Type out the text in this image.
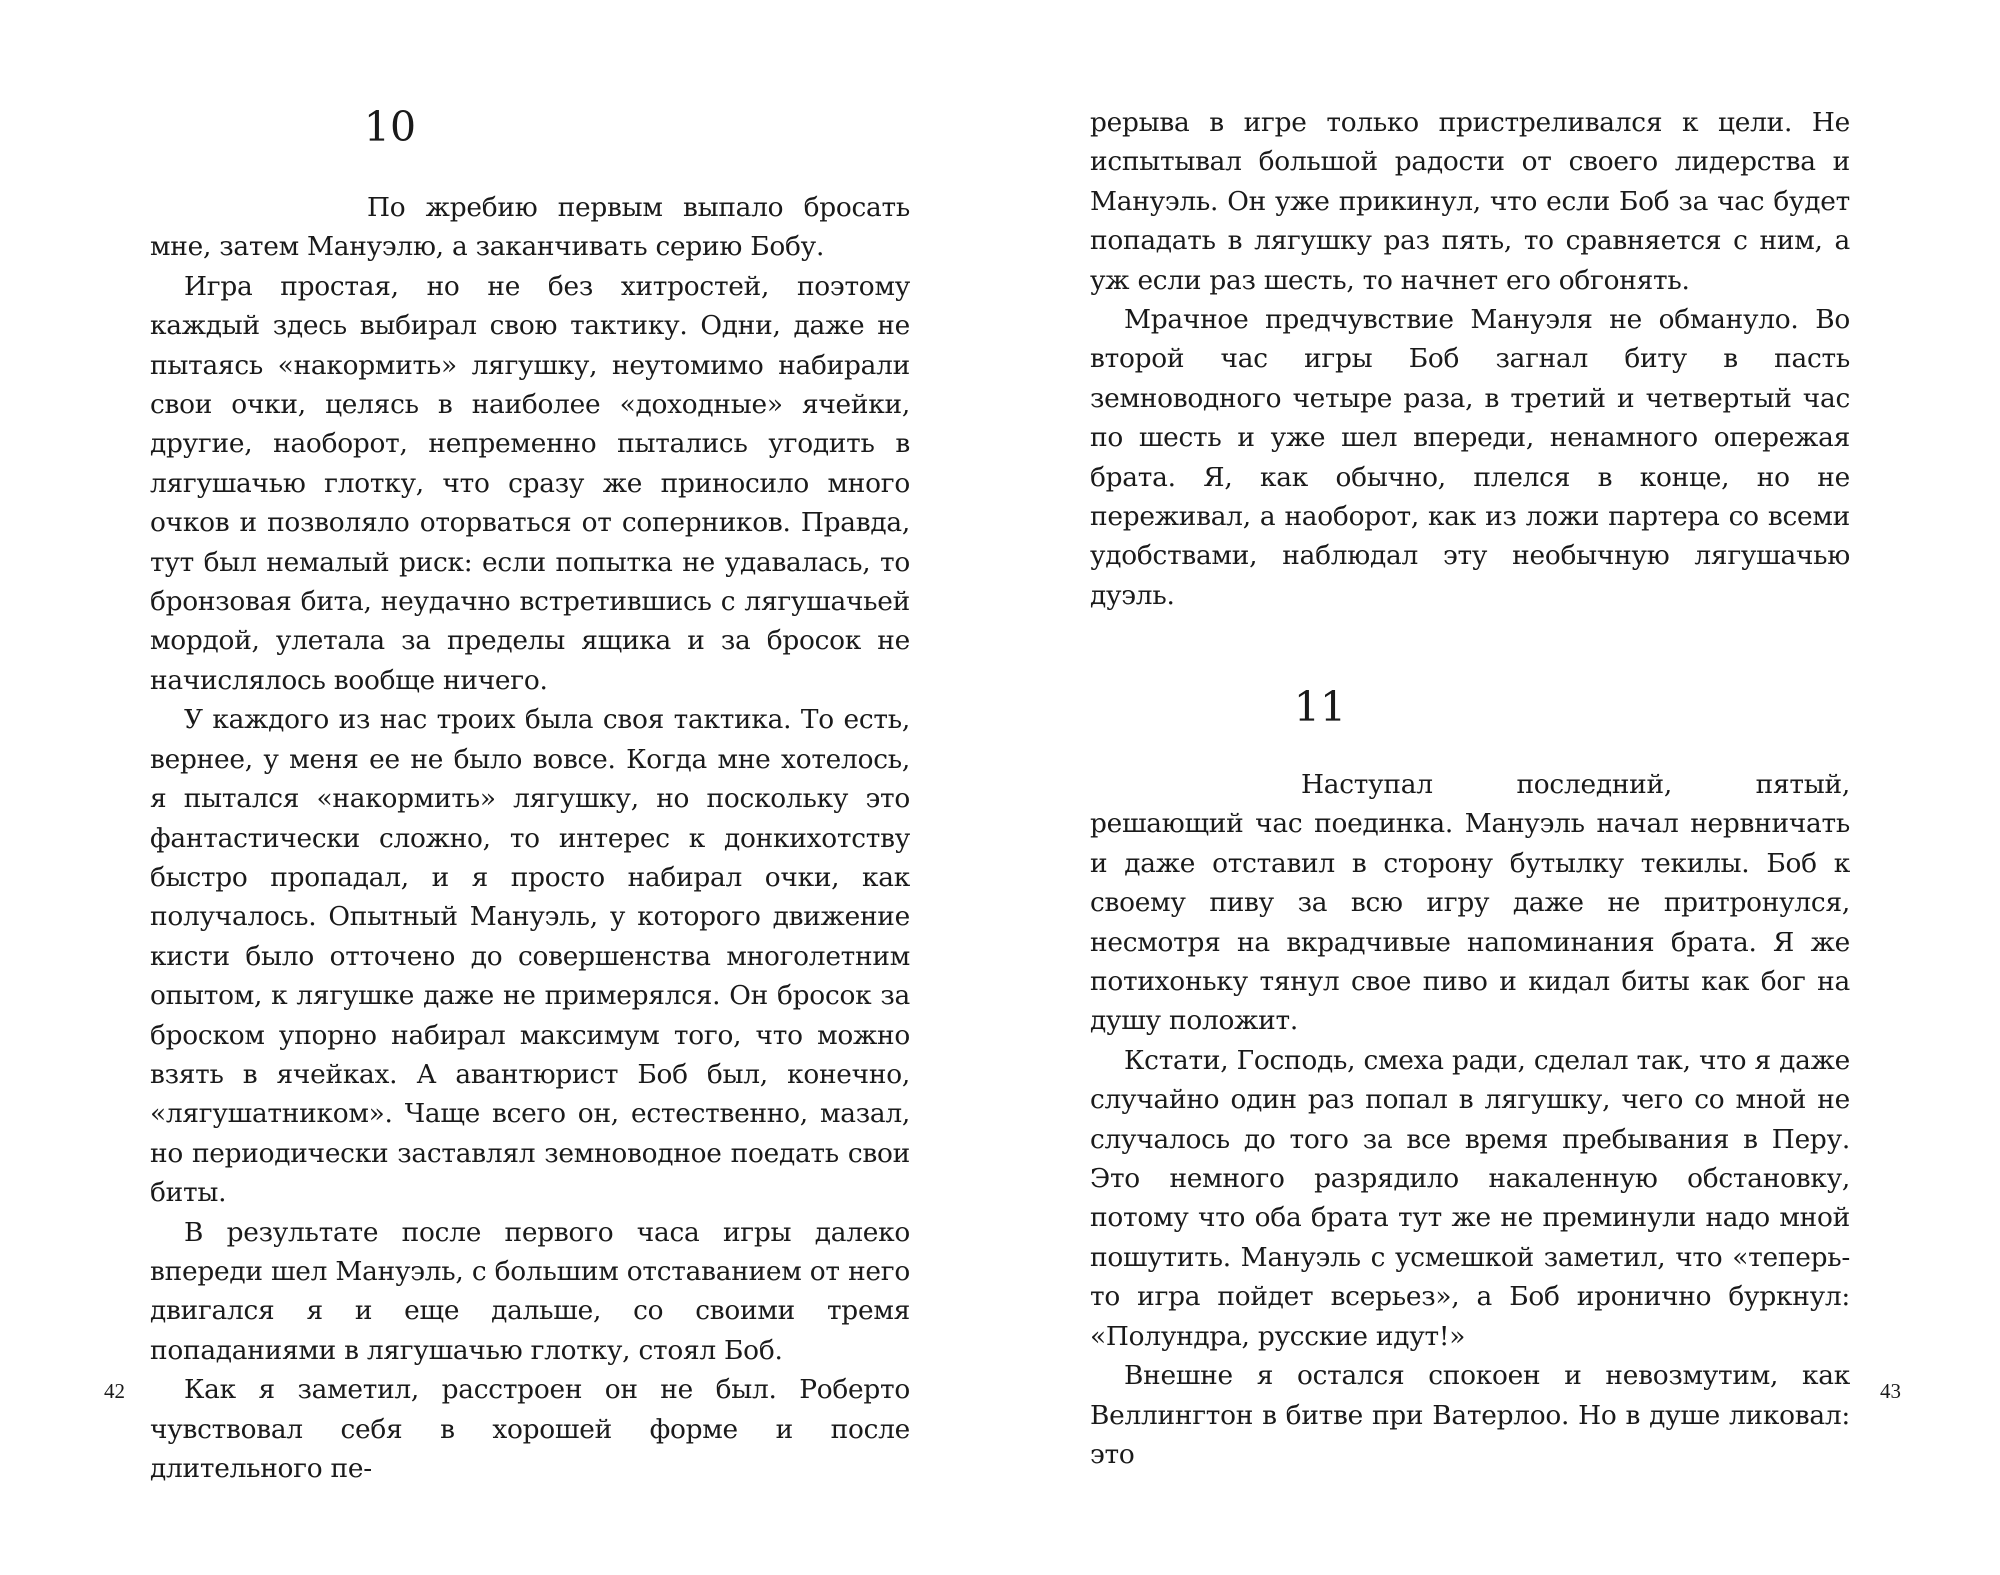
10

По жребию первым выпало бросать мне, затем Мануэлю, а заканчивать серию Бобу.

Игра простая, но не без хитростей, поэтому каждый здесь выбирал свою тактику. Одни, даже не пытаясь «накормить» лягушку, неутомимо набирали свои очки, целясь в наиболее «доходные» ячейки, другие, наоборот, непременно пытались угодить в лягушачью глотку, что сразу же приносило много очков и позволяло оторваться от соперников. Правда, тут был немалый риск: если попытка не удавалась, то бронзовая бита, неудачно встретившись с лягушачьей мордой, улетала за пределы ящика и за бросок не начислялось вообще ничего.

У каждого из нас троих была своя тактика. То есть, вернее, у меня ее не было вовсе. Когда мне хотелось, я пытался «накормить» лягушку, но поскольку это фантастически сложно, то интерес к донкихотству быстро пропадал, и я просто набирал очки, как получалось. Опытный Мануэль, у которого движение кисти было отточено до совершенства многолетним опытом, к лягушке даже не примерялся. Он бросок за броском упорно набирал максимум того, что можно взять в ячейках. А авантюрист Боб был, конечно, «лягушатником». Чаще всего он, естественно, мазал, но периодически заставлял земноводное поедать свои биты.

В результате после первого часа игры далеко впереди шел Мануэль, с большим отставанием от него двигался я и еще дальше, со своими тремя попаданиями в лягушачью глотку, стоял Боб.

Как я заметил, расстроен он не был. Роберто чувствовал себя в хорошей форме и после длительного пе-

42

рерыва в игре только пристреливался к цели. Не испытывал большой радости от своего лидерства и Мануэль. Он уже прикинул, что если Боб за час будет попадать в лягушку раз пять, то сравняется с ним, а уж если раз шесть, то начнет его обгонять.

Мрачное предчувствие Мануэля не обмануло. Во второй час игры Боб загнал биту в пасть земноводного четыре раза, в третий и четвертый час по шесть и уже шел впереди, ненамного опережая брата. Я, как обычно, плелся в конце, но не переживал, а наоборот, как из ложи партера со всеми удобствами, наблюдал эту необычную лягушачью дуэль.

11

Наступал последний, пятый, решающий час поединка. Мануэль начал нервничать и даже отставил в сторону бутылку текилы. Боб к своему пиву за всю игру даже не притронулся, несмотря на вкрадчивые напоминания брата. Я же потихоньку тянул свое пиво и кидал биты как бог на душу положит.

Кстати, Господь, смеха ради, сделал так, что я даже случайно один раз попал в лягушку, чего со мной не случалось до того за все время пребывания в Перу. Это немного разрядило накаленную обстановку, потому что оба брата тут же не преминули надо мной пошутить. Мануэль с усмешкой заметил, что «теперь-то игра пойдет всерьез», а Боб иронично буркнул: «Полундра, русские идут!»

Внешне я остался спокоен и невозмутим, как Веллингтон в битве при Ватерлоо. Но в душе ликовал: это

43
